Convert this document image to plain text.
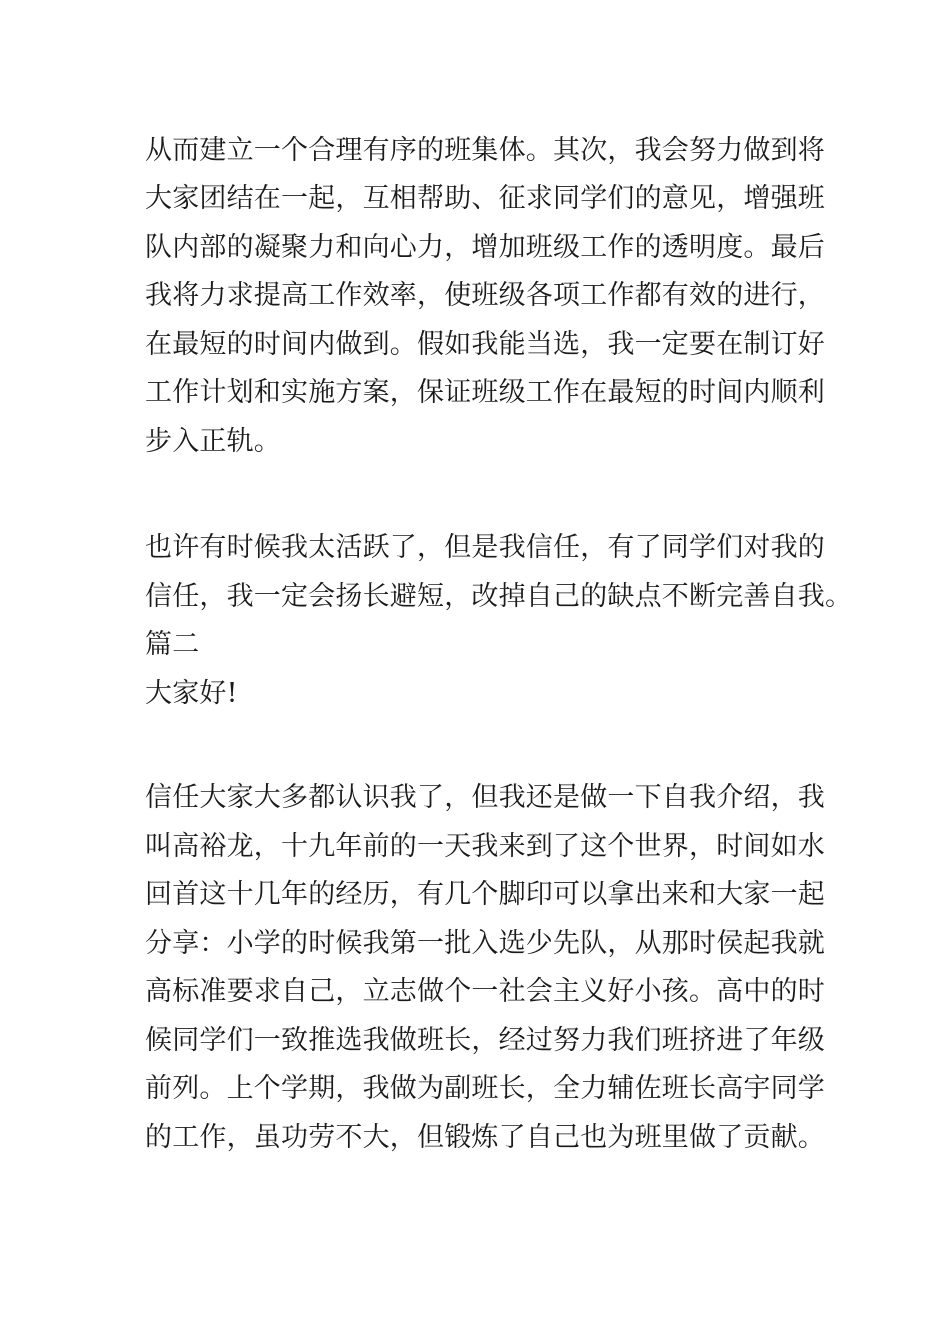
从而建立一个合理有序的班集体。其次，我会努力做到将
大家团结在一起，互相帮助、征求同学们的意见，增强班
队内部的凝聚力和向心力，增加班级工作的透明度。最后
我将力求提高工作效率，使班级各项工作都有效的进行，
在最短的时间内做到。假如我能当选，我一定要在制订好
工作计划和实施方案，保证班级工作在最短的时间内顺利
步入正轨。
也许有时候我太活跃了，但是我信任，有了同学们对我的
信任，我一定会扬长避短，改掉自己的缺点不断完善自我。
篇二
大家好!
信任大家大多都认识我了，但我还是做一下自我介绍，我
叫高裕龙，十九年前的一天我来到了这个世界，时间如水
回首这十几年的经历，有几个脚印可以拿出来和大家一起
分享：小学的时候我第一批入选少先队，从那时侯起我就
高标准要求自己，立志做个一社会主义好小孩。高中的时
候同学们一致推选我做班长，经过努力我们班挤进了年级
前列。上个学期，我做为副班长，全力辅佐班长高宇同学
的工作，虽功劳不大，但锻炼了自己也为班里做了贡献。
